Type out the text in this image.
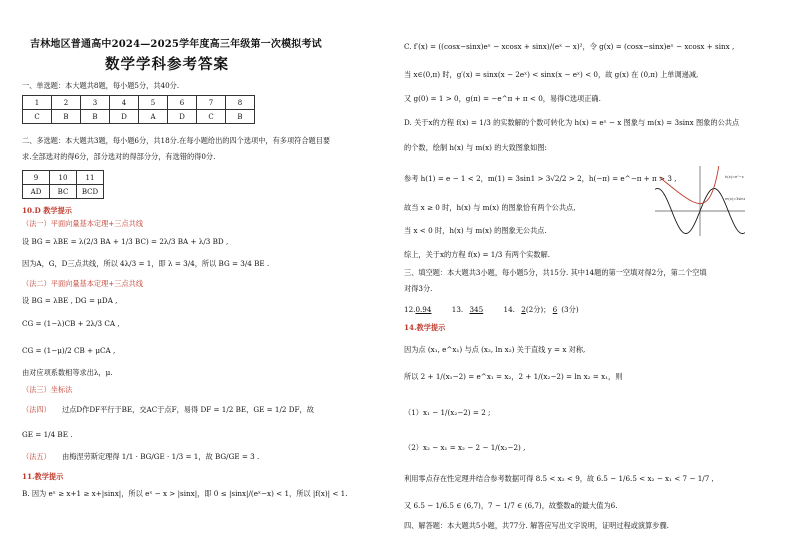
吉林地区普通高中2024—2025学年度高三年级第一次模拟考试
数学学科参考答案
一、单选题：本大题共8题，每小题5分，共40分.
1	2	3	4	5	6	7	8
C	B	B	D	A	D	C	B
二、多选题：本大题共3题，每小题6分，共18分.在每小题给出的四个选项中，有多项符合题目要
求.全部选对的得6分，部分选对的得部分分，有选错的得0分.
9	10	11
AD	BC	BCD
10.D 教学提示
（法一）平面向量基本定理+三点共线
设 BG = λBE = λ(2/3 BA + 1/3 BC) = 2λ/3 BA + λ/3 BD ,
因为A，G，D三点共线，所以 4λ/3 = 1，即 λ = 3/4，所以 BG = 3/4 BE .
（法二）平面向量基本定理+三点共线
设 BG = λBE , DG = μDA ,
CG = (1−λ)CB + 2λ/3 CA ,
CG = (1−μ)/2 CB + μCA ,
由对应项系数相等求出λ，μ.
（法三）坐标法
（法四） 过点D作DF平行于BE，交AC于点F，易得 DF = 1/2 BE，GE = 1/2 DF，故
GE = 1/4 BE .
（法五） 由梅涅劳斯定理得 1/1 · BG/GE · 1/3 = 1，故 BG/GE = 3 .
11.教学提示
B. 因为 eˣ ≥ x+1 ≥ x+|sinx|，所以 eˣ − x > |sinx|，即 0 ≤ |sinx|/(eˣ−x) < 1，所以 |f(x)| < 1.
C. f′(x) = ((cosx−sinx)eˣ − xcosx + sinx)/(eˣ − x)²，令 g(x) = (cosx−sinx)eˣ − xcosx + sinx ,
当 x∈(0,π) 时，g′(x) = sinx(x − 2eˣ) < sinx(x − eˣ) < 0，故 g(x) 在 (0,π) 上单调递减,
又 g(0) = 1 > 0，g(π) = −e^π + π < 0，易得C选项正确.
D. 关于x的方程 f(x) = 1/3 的实数解的个数可转化为 h(x) = eˣ − x 图象与 m(x) = 3sinx 图象的公共点
的个数，绘制 h(x) 与 m(x) 的大致图象如图:
参考 h(1) = e − 1 < 2，m(1) = 3sin1 > 3√2/2 > 2，h(−π) = e^−π + π > 3 ,
故当 x ≥ 0 时，h(x) 与 m(x) 的图象恰有两个公共点,
当 x < 0 时，h(x) 与 m(x) 的图象无公共点.
综上，关于x的方程 f(x) = 1/3 有两个实数解.
三、填空题：本大题共3小题，每小题5分，共15分. 其中14题的第一空填对得2分，第二个空填
对得3分.
12.0.94	13. 345	14. 2(2分)； 6 (3分)
14.教学提示
因为点 (x₁, e^x₁) 与点 (x₂, ln x₂) 关于直线 y = x 对称,
所以 2 + 1/(x₁−2) = e^x₁ = x₂，2 + 1/(x₂−2) = ln x₂ = x₁，则
（1）x₁ − 1/(x₂−2) = 2 ;
（2）x₂ − x₁ = x₂ − 2 − 1/(x₂−2) ,
利用零点存在性定理并结合参考数据可得 8.5 < x₂ < 9，故 6.5 − 1/6.5 < x₂ − x₁ < 7 − 1/7 ,
又 6.5 − 1/6.5 ∈ (6,7)，7 − 1/7 ∈ (6,7)，故整数a的最大值为6.
四、解答题：本大题共5小题，共77分. 解答应写出文字说明，证明过程或演算步骤.
h(x)=eˣ−x
m(x)=3sinx
